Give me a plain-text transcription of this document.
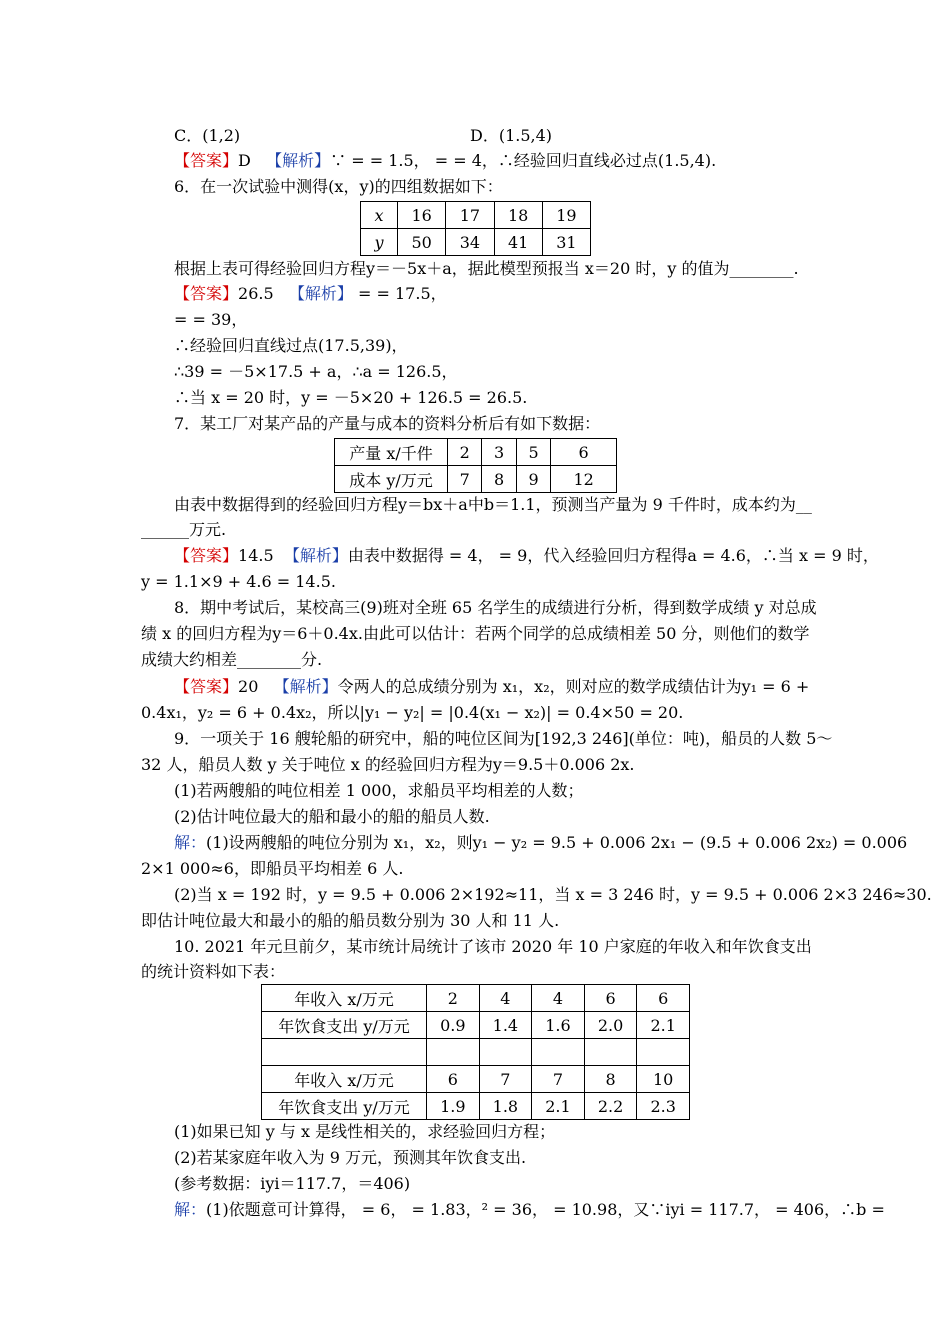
C．(1,2)	D．(1.5,4)
【答案】D 【解析】∵ = = 1.5， = = 4，∴经验回归直线必过点(1.5,4).
6．在一次试验中测得(x，y)的四组数据如下：
x	16	17	18	19
y	50	34	41	31
根据上表可得经验回归方程y＝－5x＋a，据此模型预报当 x＝20 时，y 的值为________.
【答案】26.5 【解析】 = = 17.5，
= = 39，
∴经验回归直线过点(17.5,39)，
∴39 = －5×17.5 + a，∴a = 126.5，
∴当 x = 20 时，y = －5×20 + 126.5 = 26.5.
7．某工厂对某产品的产量与成本的资料分析后有如下数据：
产量 x/千件	2	3	5	6
成本 y/万元	7	8	9	12
由表中数据得到的经验回归方程y＝bx＋a中b＝1.1，预测当产量为 9 千件时，成本约为__
______万元.
【答案】14.5 【解析】由表中数据得 = 4， = 9，代入经验回归方程得a = 4.6，∴当 x = 9 时，
y = 1.1×9 + 4.6 = 14.5.
8．期中考试后，某校高三(9)班对全班 65 名学生的成绩进行分析，得到数学成绩 y 对总成
绩 x 的回归方程为y＝6＋0.4x.由此可以估计：若两个同学的总成绩相差 50 分，则他们的数学
成绩大约相差________分.
【答案】20 【解析】令两人的总成绩分别为 x₁，x₂，则对应的数学成绩估计为y₁ = 6 +
0.4x₁，y₂ = 6 + 0.4x₂，所以|y₁ − y₂| = |0.4(x₁ − x₂)| = 0.4×50 = 20.
9．一项关于 16 艘轮船的研究中，船的吨位区间为[192,3 246](单位：吨)，船员的人数 5～
32 人，船员人数 y 关于吨位 x 的经验回归方程为y＝9.5＋0.006 2x.
(1)若两艘船的吨位相差 1 000，求船员平均相差的人数；
(2)估计吨位最大的船和最小的船的船员人数.
解：(1)设两艘船的吨位分别为 x₁，x₂，则y₁ − y₂ = 9.5 + 0.006 2x₁ − (9.5 + 0.006 2x₂) = 0.006
2×1 000≈6，即船员平均相差 6 人.
(2)当 x = 192 时，y = 9.5 + 0.006 2×192≈11，当 x = 3 246 时，y = 9.5 + 0.006 2×3 246≈30.
即估计吨位最大和最小的船的船员数分别为 30 人和 11 人.
10. 2021 年元旦前夕，某市统计局统计了该市 2020 年 10 户家庭的年收入和年饮食支出
的统计资料如下表：
年收入 x/万元	2	4	4	6	6
年饮食支出 y/万元	0.9	1.4	1.6	2.0	2.1

年收入 x/万元	6	7	7	8	10
年饮食支出 y/万元	1.9	1.8	2.1	2.2	2.3
(1)如果已知 y 与 x 是线性相关的，求经验回归方程；
(2)若某家庭年收入为 9 万元，预测其年饮食支出.
(参考数据：iyi＝117.7，＝406)
解：(1)依题意可计算得， = 6， = 1.83，² = 36， = 10.98，又∵iyi = 117.7， = 406，∴b =
